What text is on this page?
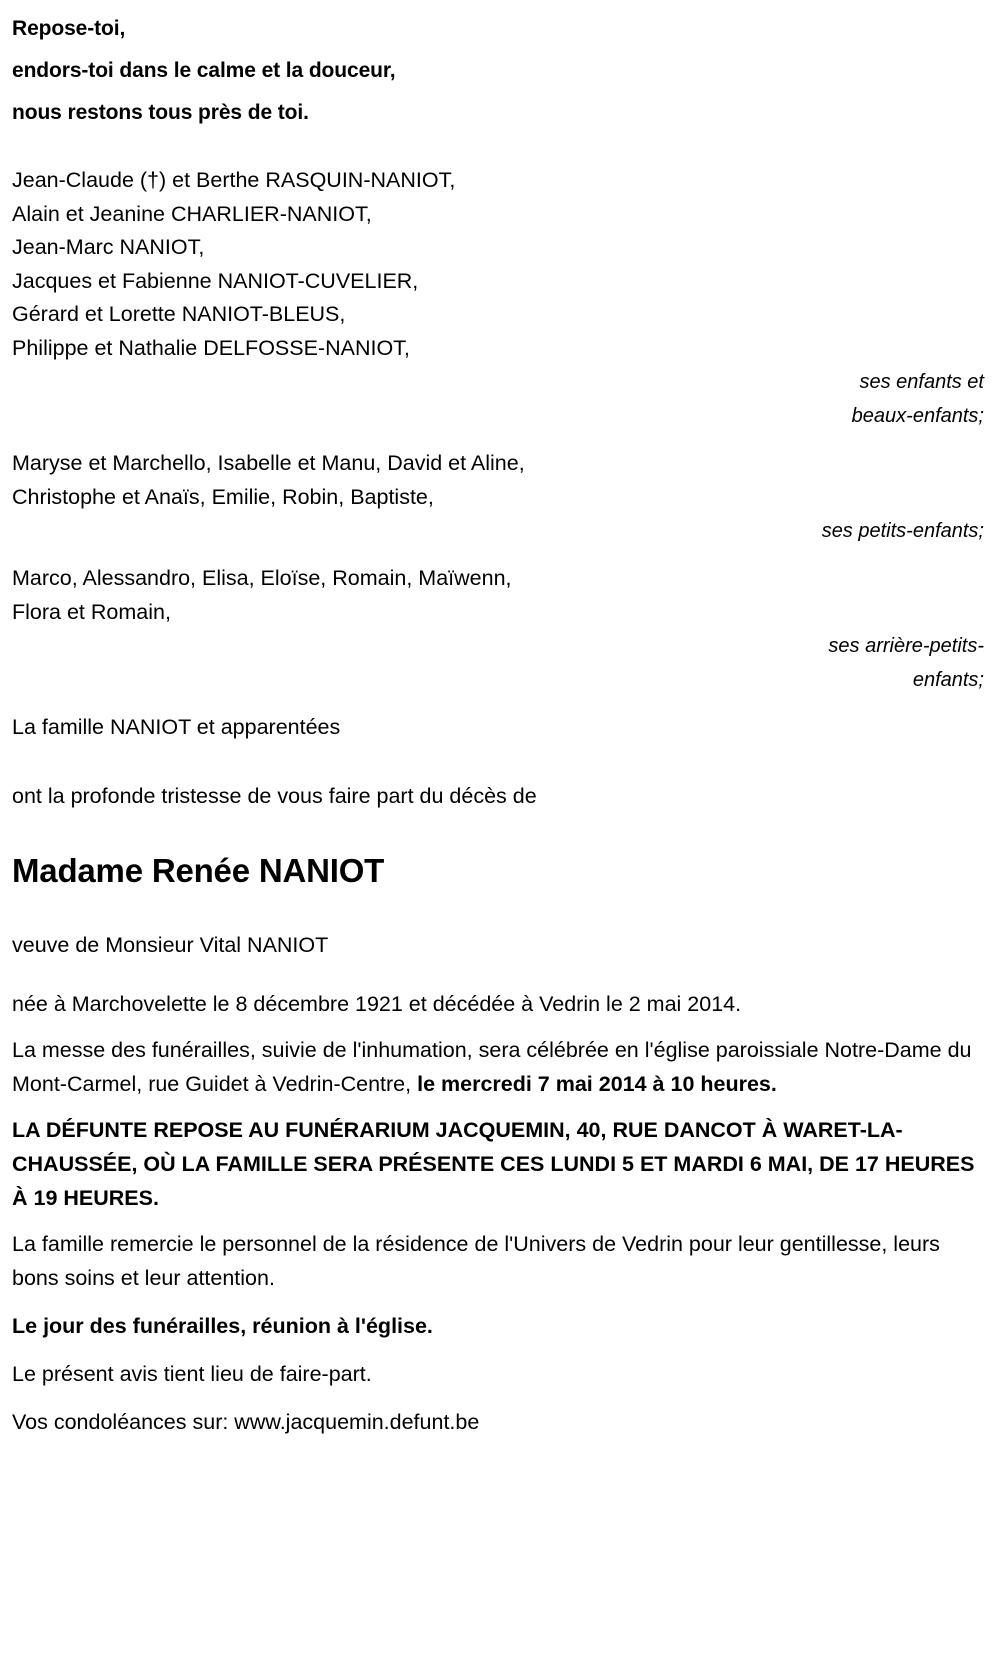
Repose-toi,
endors-toi dans le calme et la douceur,
nous restons tous près de toi.
Jean-Claude (†) et Berthe RASQUIN-NANIOT,
Alain et Jeanine CHARLIER-NANIOT,
Jean-Marc NANIOT,
Jacques et Fabienne NANIOT-CUVELIER,
Gérard et Lorette NANIOT-BLEUS,
Philippe et Nathalie DELFOSSE-NANIOT,
ses enfants et
beaux-enfants;
Maryse et Marchello, Isabelle et Manu, David et Aline,
Christophe et Anaïs, Emilie, Robin, Baptiste,
ses petits-enfants;
Marco, Alessandro, Elisa, Eloïse, Romain, Maïwenn,
Flora et Romain,
ses arrière-petits-
enfants;
La famille NANIOT et apparentées
ont la profonde tristesse de vous faire part du décès de
Madame Renée NANIOT
veuve de Monsieur Vital NANIOT
née à Marchovelette le 8 décembre 1921 et décédée à Vedrin le 2 mai 2014.
La messe des funérailles, suivie de l'inhumation, sera célébrée en l'église paroissiale Notre-Dame du Mont-Carmel, rue Guidet à Vedrin-Centre, le mercredi 7 mai 2014 à 10 heures.
LA DÉFUNTE REPOSE AU FUNÉRARIUM JACQUEMIN, 40, RUE DANCOT À WARET-LA-CHAUSSÉE, OÙ LA FAMILLE SERA PRÉSENTE CES LUNDI 5 ET MARDI 6 MAI, DE 17 HEURES À 19 HEURES.
La famille remercie le personnel de la résidence de l'Univers de Vedrin pour leur gentillesse, leurs bons soins et leur attention.
Le jour des funérailles, réunion à l'église.
Le présent avis tient lieu de faire-part.
Vos condoléances sur: www.jacquemin.defunt.be
